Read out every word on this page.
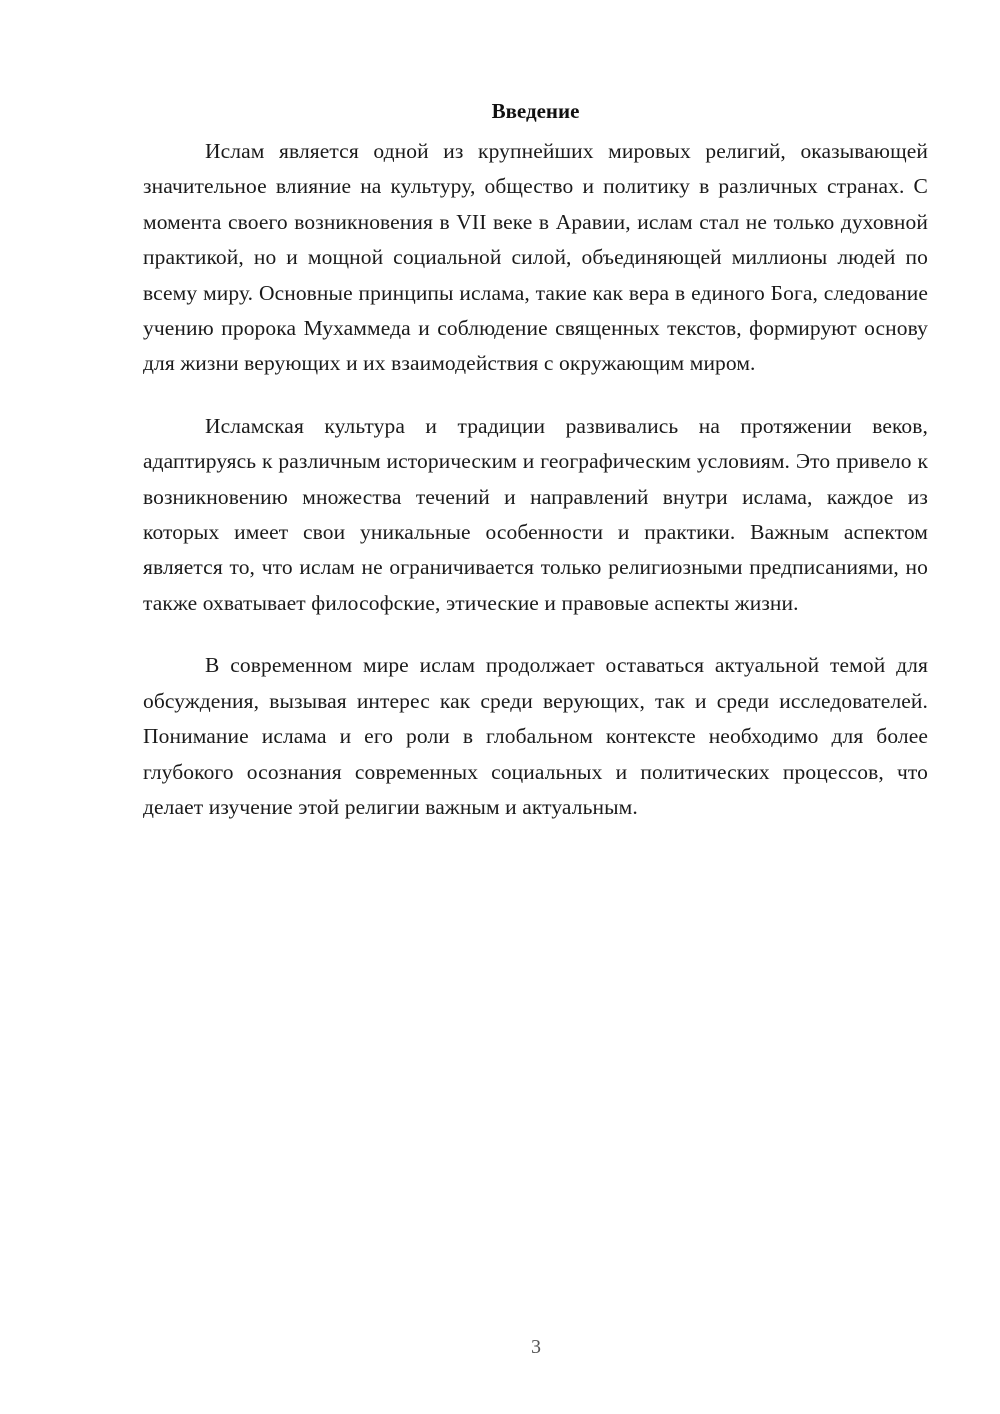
Введение

Ислам является одной из крупнейших мировых религий, оказывающей значительное влияние на культуру, общество и политику в различных странах. С момента своего возникновения в VII веке в Аравии, ислам стал не только духовной практикой, но и мощной социальной силой, объединяющей миллионы людей по всему миру. Основные принципы ислама, такие как вера в единого Бога, следование учению пророка Мухаммеда и соблюдение священных текстов, формируют основу для жизни верующих и их взаимодействия с окружающим миром.

Исламская культура и традиции развивались на протяжении веков, адаптируясь к различным историческим и географическим условиям. Это привело к возникновению множества течений и направлений внутри ислама, каждое из которых имеет свои уникальные особенности и практики. Важным аспектом является то, что ислам не ограничивается только религиозными предписаниями, но также охватывает философские, этические и правовые аспекты жизни.

В современном мире ислам продолжает оставаться актуальной темой для обсуждения, вызывая интерес как среди верующих, так и среди исследователей. Понимание ислама и его роли в глобальном контексте необходимо для более глубокого осознания современных социальных и политических процессов, что делает изучение этой религии важным и актуальным.

3
